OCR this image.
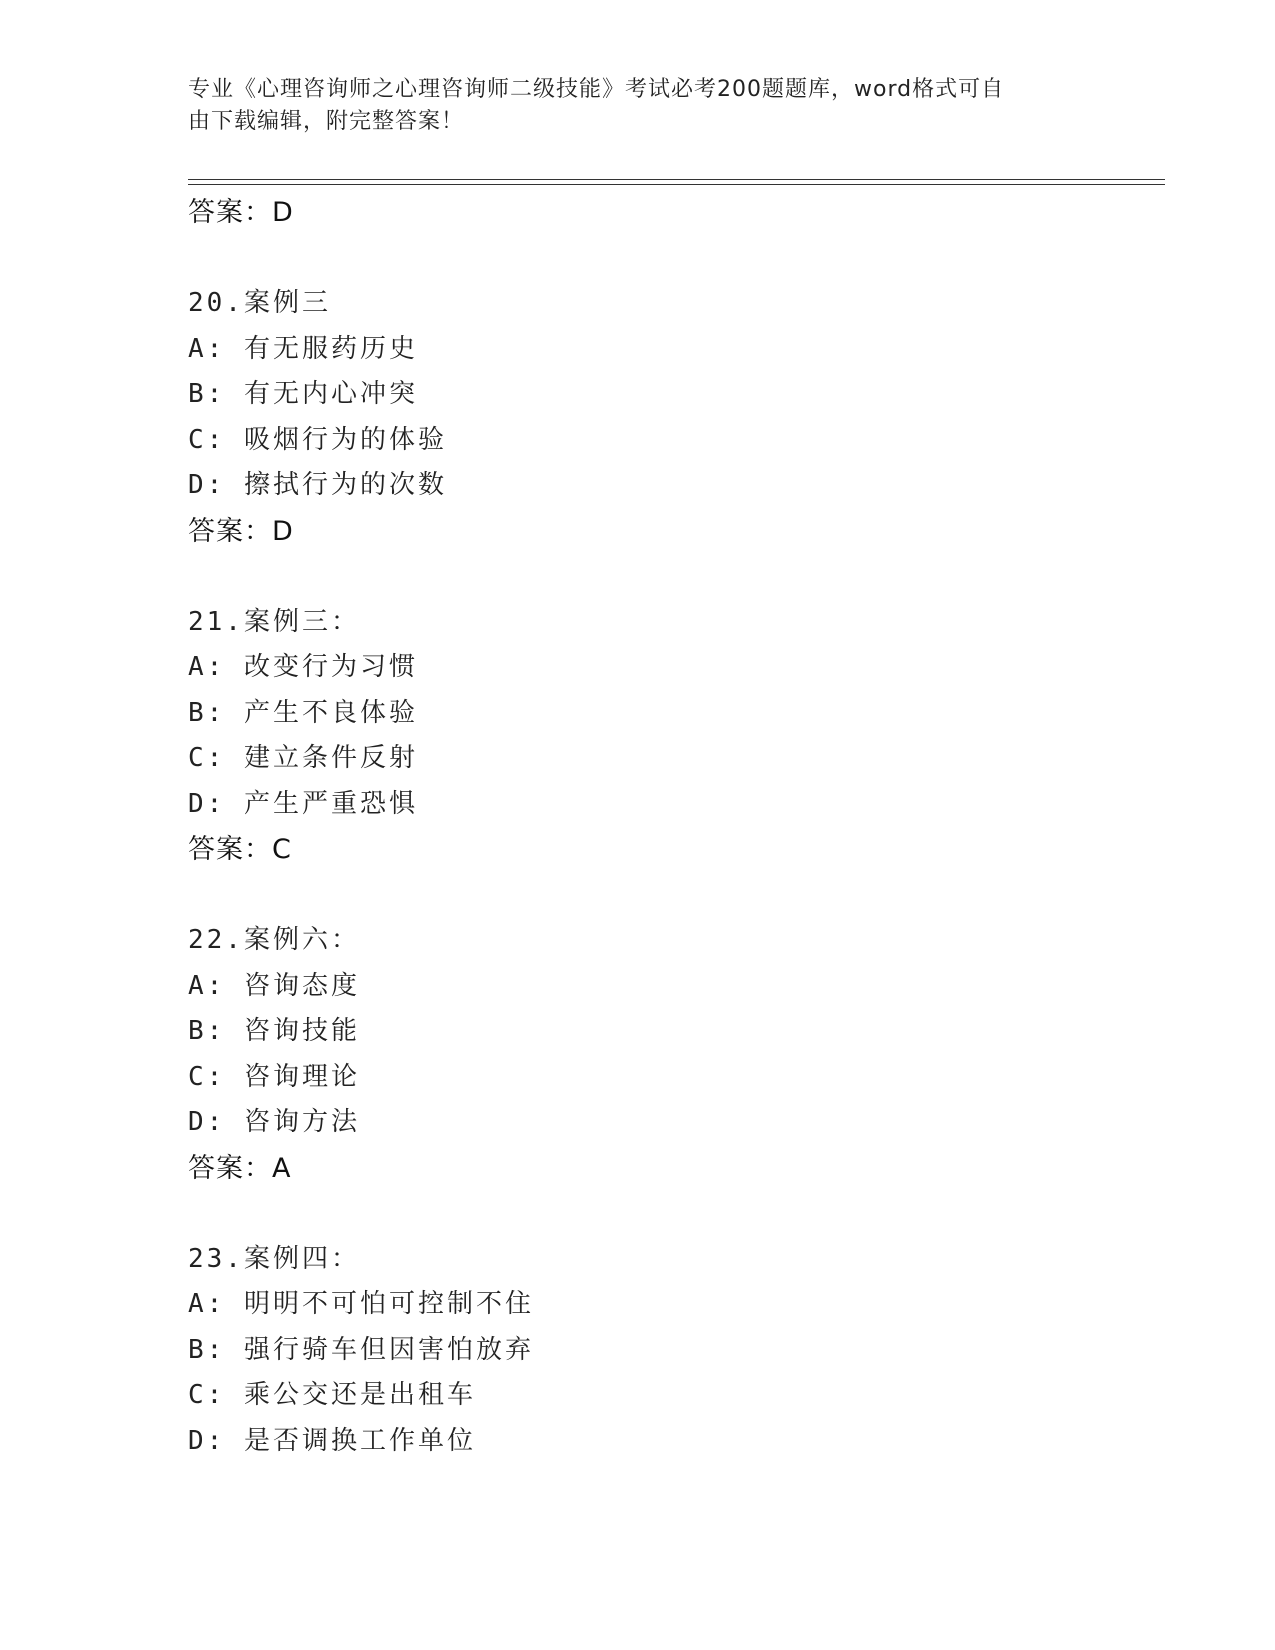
专业《心理咨询师之心理咨询师二级技能》考试必考200题题库，word格式可自
由下载编辑，附完整答案！
答案：D
20.案例三
A: 有无服药历史
B: 有无内心冲突
C: 吸烟行为的体验
D: 擦拭行为的次数
答案：D
21.案例三：
A: 改变行为习惯
B: 产生不良体验
C: 建立条件反射
D: 产生严重恐惧
答案：C
22.案例六：
A: 咨询态度
B: 咨询技能
C: 咨询理论
D: 咨询方法
答案：A
23.案例四：
A: 明明不可怕可控制不住
B: 强行骑车但因害怕放弃
C: 乘公交还是出租车
D: 是否调换工作单位
